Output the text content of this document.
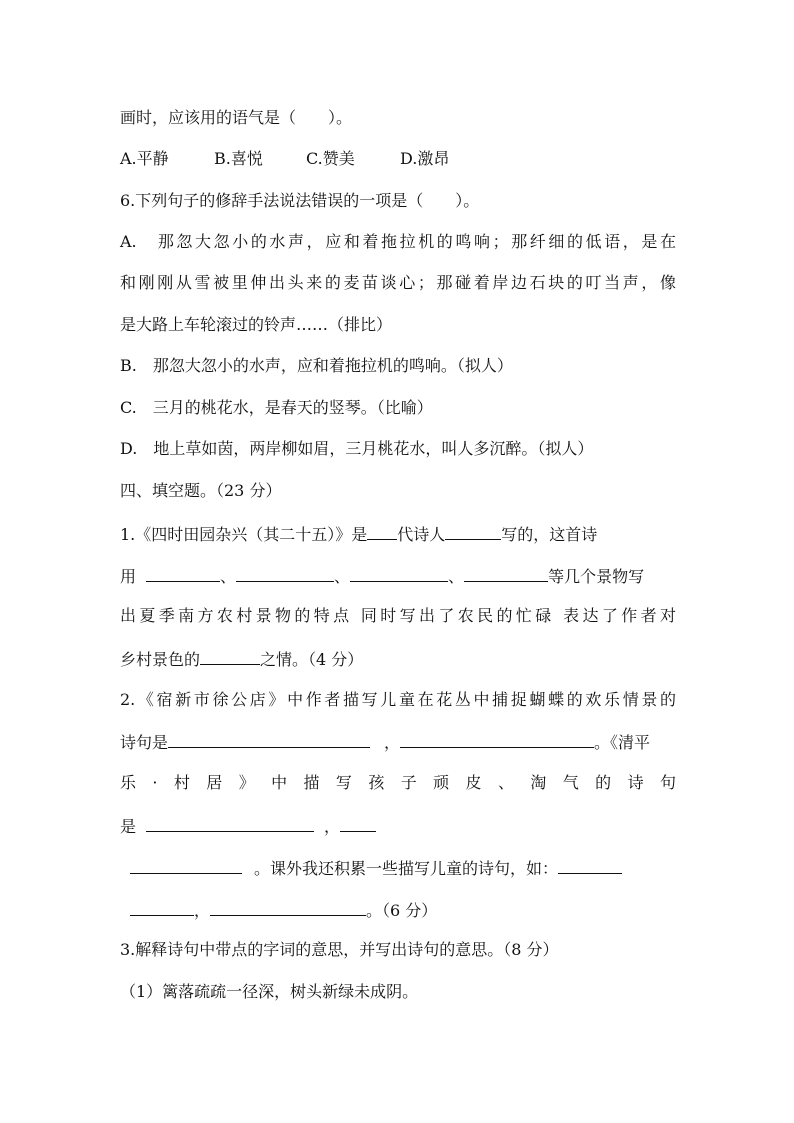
画时，应该用的语气是（　　）。
A.平静	B.喜悦	C.赞美	D.激昂
6.下列句子的修辞手法说法错误的一项是（　　）。
A.　那忽大忽小的水声，应和着拖拉机的鸣响；那纤细的低语，是在
和刚刚从雪被里伸出头来的麦苗谈心；那碰着岸边石块的叮当声，像
是大路上车轮滚过的铃声……（排比）
B.　那忽大忽小的水声，应和着拖拉机的鸣响。（拟人）
C.　三月的桃花水，是春天的竖琴。（比喻）
D.　地上草如茵，两岸柳如眉，三月桃花水，叫人多沉醉。（拟人）
四、填空题。（23 分）
1.《四时田园杂兴（其二十五）》是 代诗人	写的，这首诗
用	、	、	、	等几个景物写
出夏季南方农村景物的特点 同时写出了农民的忙碌 表达了作者对
乡村景色的	之情。（4 分）
2.《宿新市徐公店》中作者描写儿童在花丛中捕捉蝴蝶的欢乐情景的
诗句是	，	。《清平
乐 · 村 居 》 中 描 写 孩 子 顽 皮 、 淘 气 的 诗 句
是	，
。课外我还积累一些描写儿童的诗句，如：
，	。（6 分）
3.解释诗句中带点的字词的意思，并写出诗句的意思。（8 分）
（1）篱落疏疏一径深，树头新绿未成阴。
